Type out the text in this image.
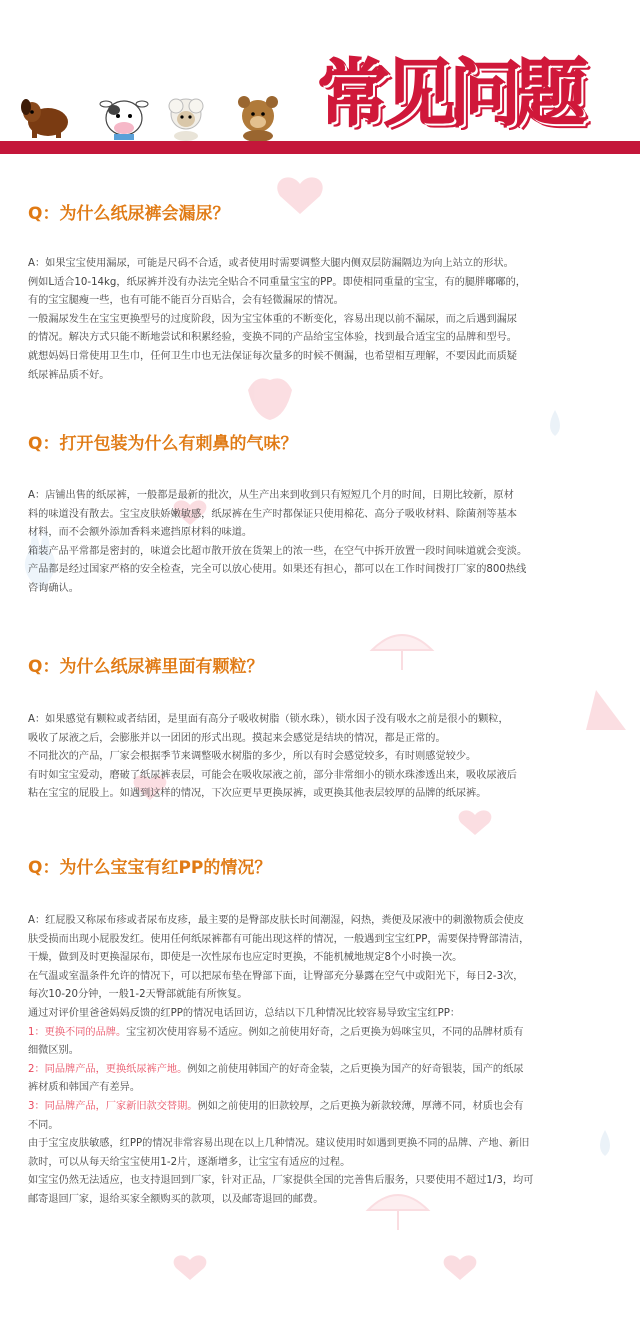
常见问题
Q：为什么纸尿裤会漏尿？

A：如果宝宝使用漏尿，可能是尺码不合适，或者使用时需要调整大腿内侧双层防漏隔边为向上站立的形状。

例如L适合10-14kg，纸尿裤并没有办法完全贴合不同重量宝宝的PP。即使相同重量的宝宝，有的腿胖嘟嘟的，

有的宝宝腿瘦一些，也有可能不能百分百贴合，会有轻微漏尿的情况。

一般漏尿发生在宝宝更换型号的过度阶段，因为宝宝体重的不断变化，容易出现以前不漏尿，而之后遇到漏尿

的情况。解决方式只能不断地尝试和积累经验，变换不同的产品给宝宝体验，找到最合适宝宝的品牌和型号。

就想妈妈日常使用卫生巾，任何卫生巾也无法保证每次量多的时候不侧漏，也希望相互理解，不要因此而质疑

纸尿裤品质不好。

Q：打开包装为什么有刺鼻的气味？

A：店铺出售的纸尿裤，一般都是最新的批次，从生产出来到收到只有短短几个月的时间，日期比较新，原材

料的味道没有散去。宝宝皮肤娇嫩敏感，纸尿裤在生产时都保证只使用棉花、高分子吸收材料、除菌剂等基本

材料，而不会额外添加香料来遮挡原材料的味道。

箱装产品平常都是密封的，味道会比超市散开放在货架上的浓一些，在空气中拆开放置一段时间味道就会变淡。

产品都是经过国家严格的安全检查，完全可以放心使用。如果还有担心，都可以在工作时间拨打厂家的800热线

咨询确认。

Q：为什么纸尿裤里面有颗粒？

A：如果感觉有颗粒或者结团，是里面有高分子吸收树脂（锁水珠），锁水因子没有吸水之前是很小的颗粒，

吸收了尿液之后，会膨胀并以一团团的形式出现。摸起来会感觉是结块的情况，都是正常的。

不同批次的产品，厂家会根据季节来调整吸水树脂的多少，所以有时会感觉较多，有时则感觉较少。

有时如宝宝爱动，磨破了纸尿裤表层，可能会在吸收尿液之前，部分非常细小的锁水珠渗透出来，吸收尿液后

粘在宝宝的屁股上。如遇到这样的情况，下次应更早更换尿裤，或更换其他表层较厚的品牌的纸尿裤。

Q：为什么宝宝有红PP的情况？

A：红屁股又称尿布疹或者尿布皮疹，最主要的是臀部皮肤长时间潮湿，闷热，粪便及尿液中的刺激物质会使皮

肤受损而出现小屁股发红。使用任何纸尿裤都有可能出现这样的情况，一般遇到宝宝红PP，需要保持臀部清洁，

干燥，做到及时更换湿尿布，即使是一次性尿布也应定时更换，不能机械地规定8个小时换一次。

在气温或室温条件允许的情况下，可以把尿布垫在臀部下面，让臀部充分暴露在空气中或阳光下，每日2-3次，

每次10-20分钟，一般1-2天臀部就能有所恢复。

通过对评价里爸爸妈妈反馈的红PP的情况电话回访，总结以下几种情况比较容易导致宝宝红PP：

1：更换不同的品牌。宝宝初次使用容易不适应。例如之前使用好奇，之后更换为妈咪宝贝，不同的品牌材质有

细微区别。

2：同品牌产品，更换纸尿裤产地。例如之前使用韩国产的好奇金装，之后更换为国产的好奇银装，国产的纸尿

裤材质和韩国产有差异。

3：同品牌产品，厂家新旧款交替期。例如之前使用的旧款较厚，之后更换为新款较薄，厚薄不同，材质也会有

不同。

由于宝宝皮肤敏感，红PP的情况非常容易出现在以上几种情况。建议使用时如遇到更换不同的品牌、产地、新旧

款时，可以从每天给宝宝使用1-2片，逐渐增多，让宝宝有适应的过程。

如宝宝仍然无法适应，也支持退回到厂家，针对正品，厂家提供全国的完善售后服务，只要使用不超过1/3，均可

邮寄退回厂家，退给买家全额购买的款项，以及邮寄退回的邮费。
